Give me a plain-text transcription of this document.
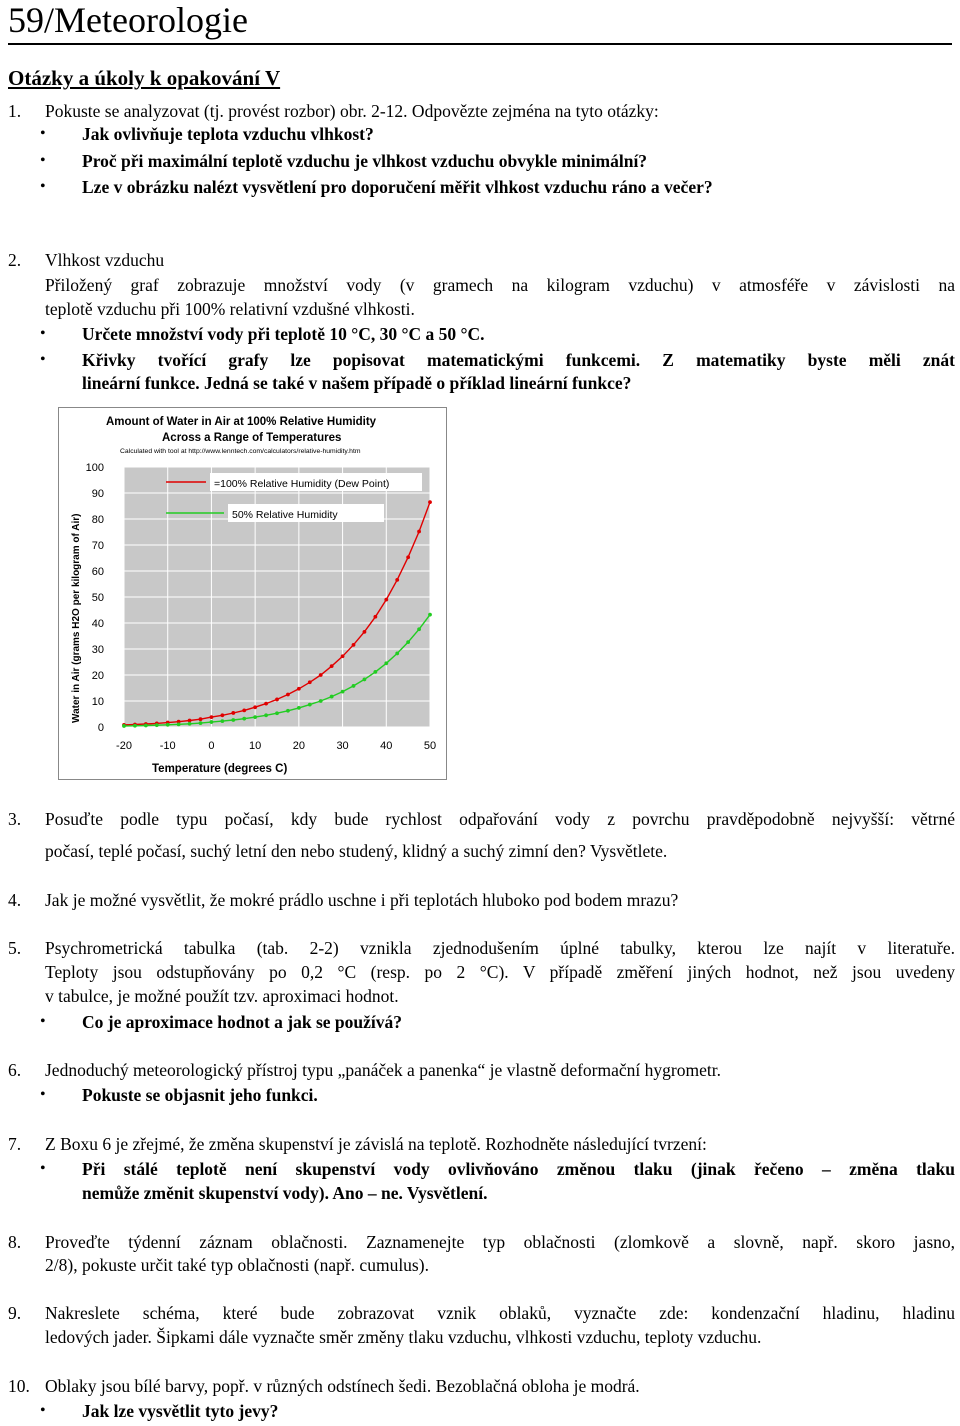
59/Meteorologie
Otázky a úkoly k opakování V
1. Pokuste se analyzovat (tj. provést rozbor) obr. 2-12. Odpovězte zejména na tyto otázky:
• Jak ovlivňuje teplota vzduchu vlhkost?
• Proč při maximální teplotě vzduchu je vlhkost vzduchu obvykle minimální?
• Lze v obrázku nalézt vysvětlení pro doporučení měřit vlhkost vzduchu ráno a večer?
2. Vlhkost vzduchu
Přiložený graf zobrazuje množství vody (v gramech na kilogram vzduchu) v atmosféře v závislosti na
teplotě vzduchu při 100% relativní vzdušné vlhkosti.
• Určete množství vody při teplotě 10 °C, 30 °C a 50 °C.
• Křivky tvořící grafy lze popisovat matematickými funkcemi. Z matematiky byste měli znát
lineární funkce. Jedná se také v našem případě o příklad lineární funkce?
Amount of Water in Air at 100% Relative Humidity
Across a Range of Temperatures
Calculated with tool at http://www.lenntech.com/calculators/relative-humidity.htm
0
10
20
30
40
50
60
70
80
90
100
-20	-10	0	10	20	30	40	50
=100% Relative Humidity (Dew Point)
50% Relative Humidity
Temperature (degrees C)
Water in Air (grams H2O per kilogram of Air)
3. Posuďte podle typu počasí, kdy bude rychlost odpařování vody z povrchu pravděpodobně nejvyšší: větrné
počasí, teplé počasí, suchý letní den nebo studený, klidný a suchý zimní den? Vysvětlete.
4. Jak je možné vysvětlit, že mokré prádlo uschne i při teplotách hluboko pod bodem mrazu?
5. Psychrometrická tabulka (tab. 2-2) vznikla zjednodušením úplné tabulky, kterou lze najít v literatuře.
Teploty jsou odstupňovány po 0,2 °C (resp. po 2 °C). V případě změření jiných hodnot, než jsou uvedeny
v tabulce, je možné použít tzv. aproximaci hodnot.
• Co je aproximace hodnot a jak se používá?
6. Jednoduchý meteorologický přístroj typu „panáček a panenka“ je vlastně deformační hygrometr.
• Pokuste se objasnit jeho funkci.
7. Z Boxu 6 je zřejmé, že změna skupenství je závislá na teplotě. Rozhodněte následující tvrzení:
• Při stálé teplotě není skupenství vody ovlivňováno změnou tlaku (jinak řečeno – změna tlaku
nemůže změnit skupenství vody). Ano – ne. Vysvětlení.
8. Proveďte týdenní záznam oblačnosti. Zaznamenejte typ oblačnosti (zlomkově a slovně, např. skoro jasno,
2/8), pokuste určit také typ oblačnosti (např. cumulus).
9. Nakreslete schéma, které bude zobrazovat vznik oblaků, vyznačte zde: kondenzační hladinu, hladinu
ledových jader. Šipkami dále vyznačte směr změny tlaku vzduchu, vlhkosti vzduchu, teploty vzduchu.
10. Oblaky jsou bílé barvy, popř. v různých odstínech šedi. Bezoblačná obloha je modrá.
• Jak lze vysvětlit tyto jevy?
